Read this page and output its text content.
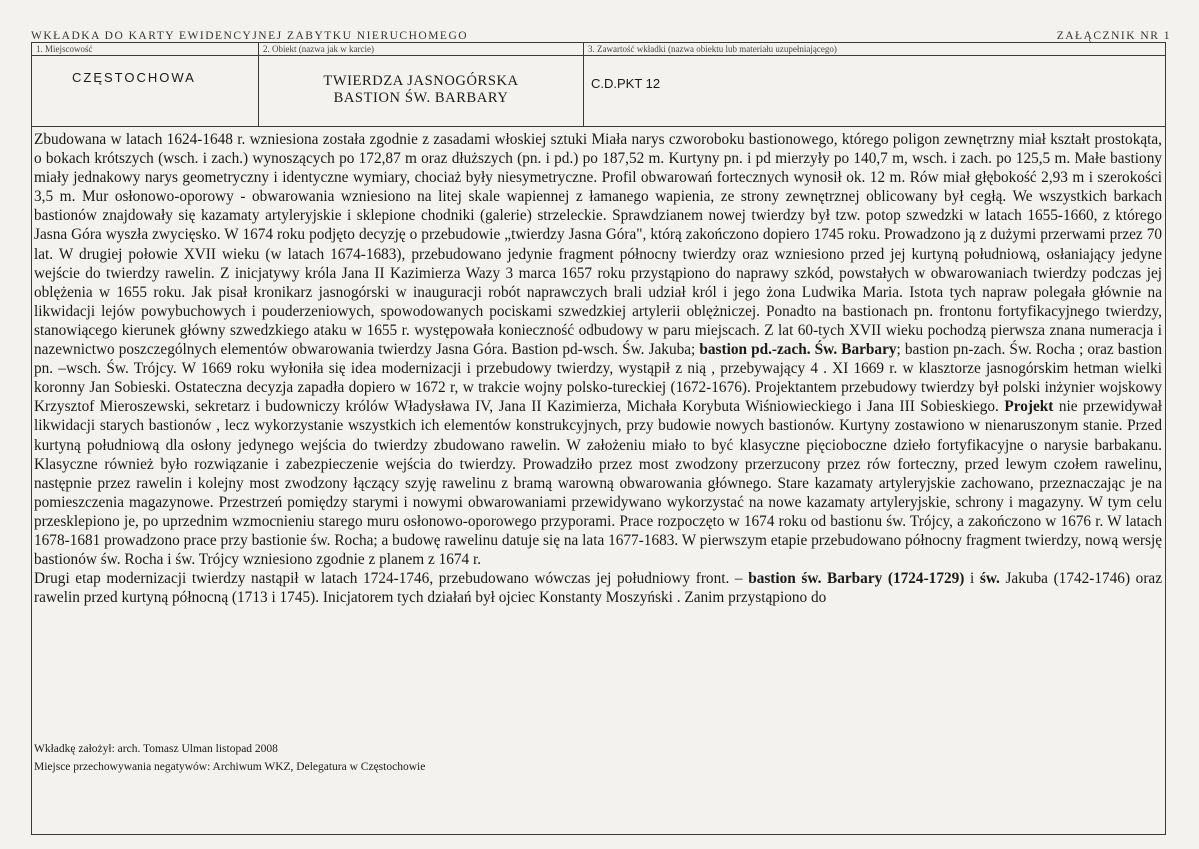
WKŁADKA DO KARTY EWIDENCYJNEJ ZABYTKU NIERUCHOMEGO	ZAŁĄCZNIK NR 1
1. Miejscowość
CZĘSTOCHOWA
2. Obiekt (nazwa jak w karcie)
TWIERDZA JASNOGÓRSKA
BASTION ŚW. BARBARY
3. Zawartość wkładki (nazwa obiektu lub materiału uzupełniającego)
C.D.PKT 12

Zbudowana w latach 1624-1648 r. wzniesiona została zgodnie z zasadami włoskiej sztuki Miała narys czworoboku bastionowego, którego poligon zewnętrzny miał kształt prostokąta, o bokach krótszych (wsch. i zach.) wynoszących po 172,87 m oraz dłuższych (pn. i pd.) po 187,52 m. Kurtyny pn. i pd mierzyły po 140,7 m, wsch. i zach. po 125,5 m. Małe bastiony miały jednakowy narys geometryczny i identyczne wymiary, chociaż były niesymetryczne. Profil obwarowań fortecznych wynosił ok. 12 m. Rów miał głębokość 2,93 m i szerokości 3,5 m. Mur osłonowo-oporowy - obwarowania wzniesiono na litej skale wapiennej z łamanego wapienia, ze strony zewnętrznej oblicowany był cegłą. We wszystkich barkach bastionów znajdowały się kazamaty artyleryjskie i sklepione chodniki (galerie) strzeleckie. Sprawdzianem nowej twierdzy był tzw. potop szwedzki w latach 1655-1660, z którego Jasna Góra wyszła zwycięsko. W 1674 roku podjęto decyzję o przebudowie „twierdzy Jasna Góra", którą zakończono dopiero 1745 roku. Prowadzono ją z dużymi przerwami przez 70 lat. W drugiej połowie XVII wieku (w latach 1674-1683), przebudowano jedynie fragment północny twierdzy oraz wzniesiono przed jej kurtyną południową, osłaniający jedyne wejście do twierdzy rawelin. Z inicjatywy króla Jana II Kazimierza Wazy 3 marca 1657 roku przystąpiono do naprawy szkód, powstałych w obwarowaniach twierdzy podczas jej oblężenia w 1655 roku. Jak pisał kronikarz jasnogórski w inauguracji robót naprawczych brali udział król i jego żona Ludwika Maria. Istota tych napraw polegała głównie na likwidacji lejów powybuchowych i pouderzeniowych, spowodowanych pociskami szwedzkiej artylerii oblężniczej. Ponadto na bastionach pn. frontonu fortyfikacyjnego twierdzy, stanowiącego kierunek główny szwedzkiego ataku w 1655 r. występowała konieczność odbudowy w paru miejscach. Z lat 60-tych XVII wieku pochodzą pierwsza znana numeracja i nazewnictwo poszczególnych elementów obwarowania twierdzy Jasna Góra. Bastion pd-wsch. Św. Jakuba; bastion pd.-zach. Św. Barbary; bastion pn-zach. Św. Rocha ; oraz bastion pn. –wsch. Św. Trójcy. W 1669 roku wyłoniła się idea modernizacji i przebudowy twierdzy, wystąpił z nią , przebywający 4 . XI 1669 r. w klasztorze jasnogórskim hetman wielki koronny Jan Sobieski. Ostateczna decyzja zapadła dopiero w 1672 r, w trakcie wojny polsko-tureckiej (1672-1676). Projektantem przebudowy twierdzy był polski inżynier wojskowy Krzysztof Mieroszewski, sekretarz i budowniczy królów Władysława IV, Jana II Kazimierza, Michała Korybuta Wiśniowieckiego i Jana III Sobieskiego. Projekt nie przewidywał likwidacji starych bastionów , lecz wykorzystanie wszystkich ich elementów konstrukcyjnych, przy budowie nowych bastionów. Kurtyny zostawiono w nienaruszonym stanie. Przed kurtyną południową dla osłony jedynego wejścia do twierdzy zbudowano rawelin. W założeniu miało to być klasyczne pięcioboczne dzieło fortyfikacyjne o narysie barbakanu. Klasyczne również było rozwiązanie i zabezpieczenie wejścia do twierdzy. Prowadziło przez most zwodzony przerzucony przez rów forteczny, przed lewym czołem rawelinu, następnie przez rawelin i kolejny most zwodzony łączący szyję rawelinu z bramą warowną obwarowania głównego. Stare kazamaty artyleryjskie zachowano, przeznaczając je na pomieszczenia magazynowe. Przestrzeń pomiędzy starymi i nowymi obwarowaniami przewidywano wykorzystać na nowe kazamaty artyleryjskie, schrony i magazyny. W tym celu przesklepiono je, po uprzednim wzmocnieniu starego muru osłonowo-oporowego przyporami. Prace rozpoczęto w 1674 roku od bastionu św. Trójcy, a zakończono w 1676 r. W latach 1678-1681 prowadzono prace przy bastionie św. Rocha; a budowę rawelinu datuje się na lata 1677-1683. W pierwszym etapie przebudowano północny fragment twierdzy, nową wersję bastionów św. Rocha i św. Trójcy wzniesiono zgodnie z planem z 1674 r.

Drugi etap modernizacji twierdzy nastąpił w latach 1724-1746, przebudowano wówczas jej południowy front. – bastion św. Barbary (1724-1729) i św. Jakuba (1742-1746) oraz rawelin przed kurtyną północną (1713 i 1745). Inicjatorem tych działań był ojciec Konstanty Moszyński . Zanim przystąpiono do

Wkładkę założył: arch. Tomasz Ulman listopad 2008
Miejsce przechowywania negatywów: Archiwum WKZ, Delegatura w Częstochowie
